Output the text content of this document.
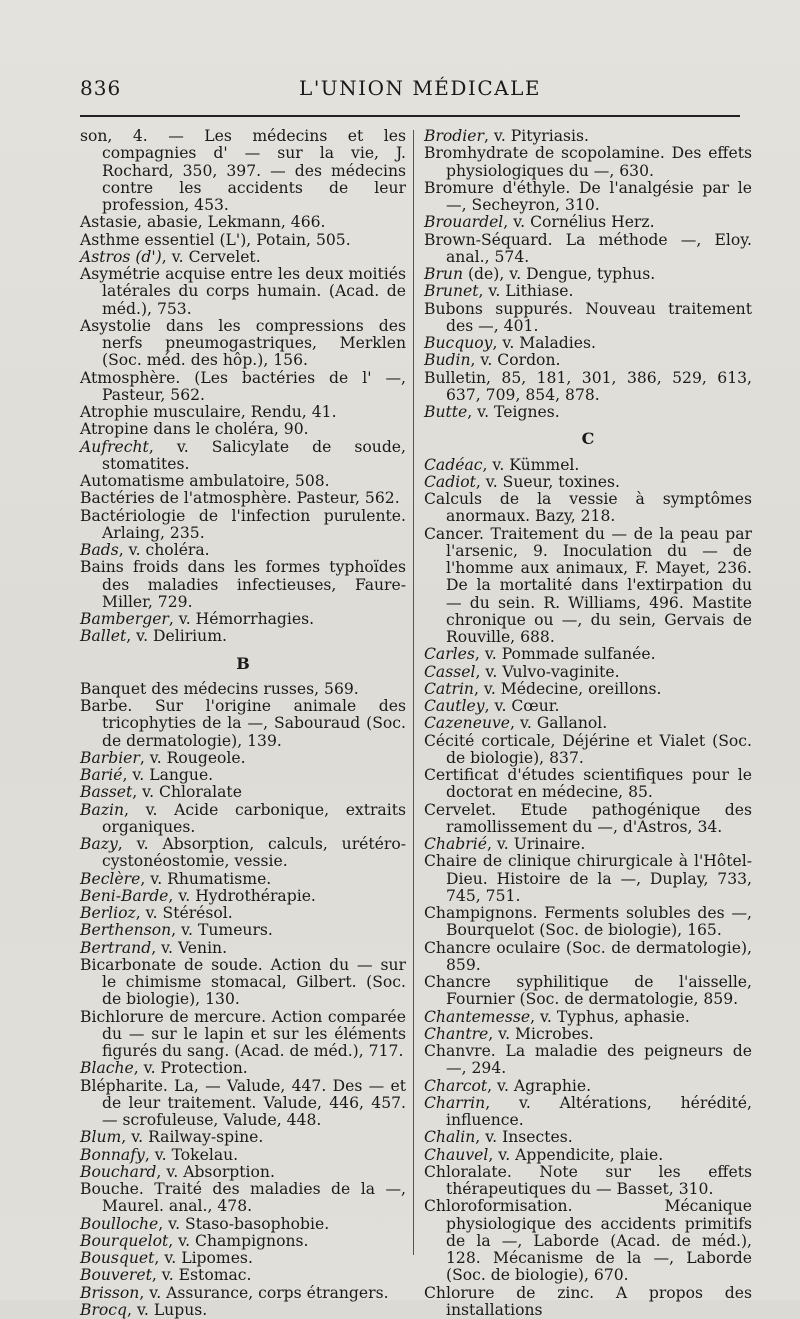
836	L'UNION MÉDICALE

son, 4. — Les médecins et les compagnies d' — sur la vie, J. Rochard, 350, 397. — des médecins contre les accidents de leur profession, 453.

Astasie, abasie, Lekmann, 466.

Asthme essentiel (L'), Potain, 505.

Astros (d'), v. Cervelet.

Asymétrie acquise entre les deux moitiés latérales du corps humain. (Acad. de méd.), 753.

Asystolie dans les compressions des nerfs pneumogastriques, Merklen (Soc. méd. des hôp.), 156.

Atmosphère. (Les bactéries de l' —, Pasteur, 562.

Atrophie musculaire, Rendu, 41.

Atropine dans le choléra, 90.

Aufrecht, v. Salicylate de soude, stomatites.

Automatisme ambulatoire, 508.

Bactéries de l'atmosphère. Pasteur, 562.

Bactériologie de l'infection purulente. Arlaing, 235.

Bads, v. choléra.

Bains froids dans les formes typhoïdes des maladies infectieuses, Faure-Miller, 729.

Bamberger, v. Hémorrhagies.

Ballet, v. Delirium.

B

Banquet des médecins russes, 569.

Barbe. Sur l'origine animale des tricophyties de la —, Sabouraud (Soc. de dermatologie), 139.

Barbier, v. Rougeole.

Barié, v. Langue.

Basset, v. Chloralate

Bazin, v. Acide carbonique, extraits organiques.

Bazy, v. Absorption, calculs, urétéro-cystonéostomie, vessie.

Beclère, v. Rhumatisme.

Beni-Barde, v. Hydrothérapie.

Berlioz, v. Stérésol.

Berthenson, v. Tumeurs.

Bertrand, v. Venin.

Bicarbonate de soude. Action du — sur le chimisme stomacal, Gilbert. (Soc. de biologie), 130.

Bichlorure de mercure. Action comparée du — sur le lapin et sur les éléments figurés du sang. (Acad. de méd.), 717.

Blache, v. Protection.

Blépharite. La, — Valude, 447. Des — et de leur traitement. Valude, 446, 457. — scrofuleuse, Valude, 448.

Blum, v. Railway-spine.

Bonnafy, v. Tokelau.

Bouchard, v. Absorption.

Bouche. Traité des maladies de la —, Maurel. anal., 478.

Boulloche, v. Staso-basophobie.

Bourquelot, v. Champignons.

Bousquet, v. Lipomes.

Bouveret, v. Estomac.

Brisson, v. Assurance, corps étrangers.

Brocq, v. Lupus.

Brodier, v. Pityriasis.

Bromhydrate de scopolamine. Des effets physiologiques du —, 630.

Bromure d'éthyle. De l'analgésie par le —, Secheyron, 310.

Brouardel, v. Cornélius Herz.

Brown-Séquard. La méthode —, Eloy. anal., 574.

Brun (de), v. Dengue, typhus.

Brunet, v. Lithiase.

Bubons suppurés. Nouveau traitement des —, 401.

Bucquoy, v. Maladies.

Budin, v. Cordon.

Bulletin, 85, 181, 301, 386, 529, 613, 637, 709, 854, 878.

Butte, v. Teignes.

C

Cadéac, v. Kümmel.

Cadiot, v. Sueur, toxines.

Calculs de la vessie à symptômes anormaux. Bazy, 218.

Cancer. Traitement du — de la peau par l'arsenic, 9. Inoculation du — de l'homme aux animaux, F. Mayet, 236. De la mortalité dans l'extirpation du — du sein. R. Williams, 496. Mastite chronique ou —, du sein, Gervais de Rouville, 688.

Carles, v. Pommade sulfanée.

Cassel, v. Vulvo-vaginite.

Catrin, v. Médecine, oreillons.

Cautley, v. Cœur.

Cazeneuve, v. Gallanol.

Cécité corticale, Déjérine et Vialet (Soc. de biologie), 837.

Certificat d'études scientifiques pour le doctorat en médecine, 85.

Cervelet. Etude pathogénique des ramollissement du —, d'Astros, 34.

Chabrié, v. Urinaire.

Chaire de clinique chirurgicale à l'Hôtel-Dieu. Histoire de la —, Duplay, 733, 745, 751.

Champignons. Ferments solubles des —, Bourquelot (Soc. de biologie), 165.

Chancre oculaire (Soc. de dermatologie), 859.

Chancre syphilitique de l'aisselle, Fournier (Soc. de dermatologie, 859.

Chantemesse, v. Typhus, aphasie.

Chantre, v. Microbes.

Chanvre. La maladie des peigneurs de —, 294.

Charcot, v. Agraphie.

Charrin, v. Altérations, hérédité, influence.

Chalin, v. Insectes.

Chauvel, v. Appendicite, plaie.

Chloralate. Note sur les effets thérapeutiques du — Basset, 310.

Chloroformisation. Mécanique physiologique des accidents primitifs de la —, Laborde (Acad. de méd.), 128. Mécanisme de la —, Laborde (Soc. de biologie), 670.

Chlorure de zinc. A propos des installations
